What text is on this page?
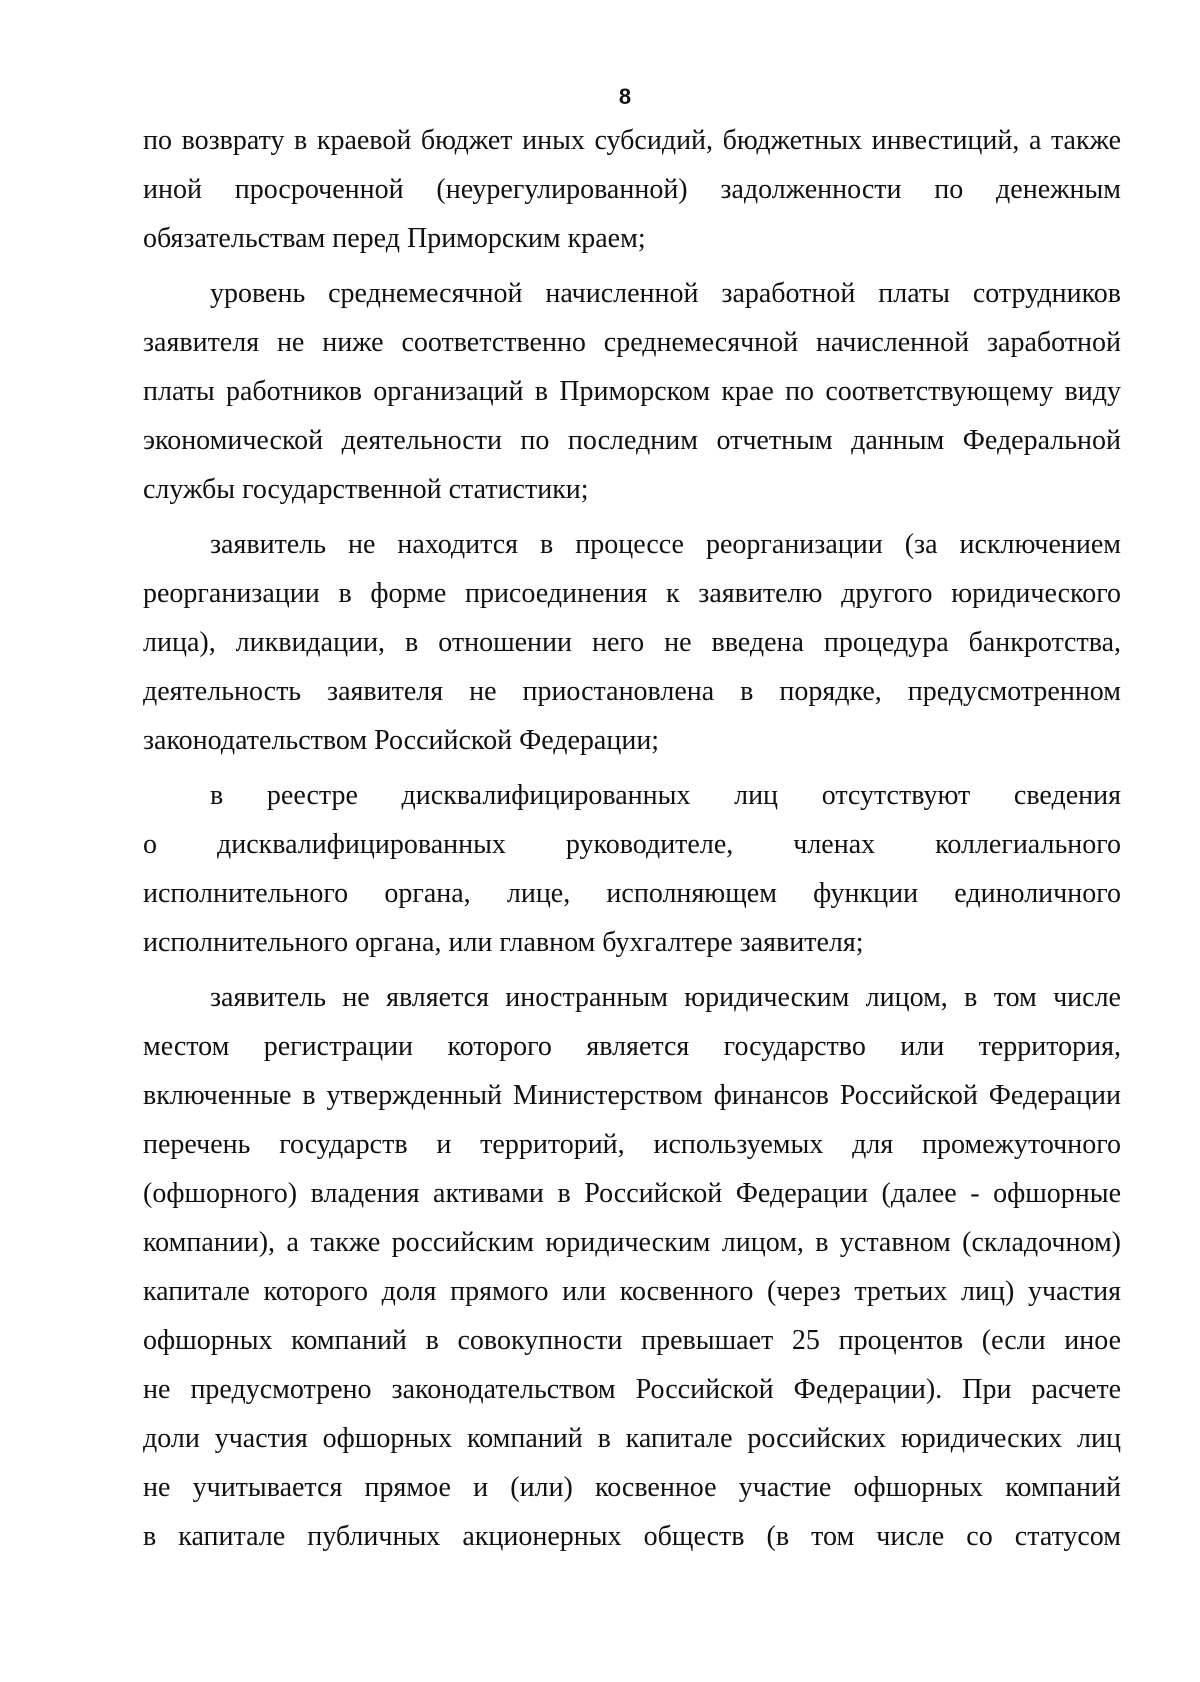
8
по возврату в краевой бюджет иных субсидий, бюджетных инвестиций, а также
иной просроченной (неурегулированной) задолженности по денежным
обязательствам перед Приморским краем;
уровень среднемесячной начисленной заработной платы сотрудников
заявителя не ниже соответственно среднемесячной начисленной заработной
платы работников организаций в Приморском крае по соответствующему виду
экономической деятельности по последним отчетным данным Федеральной
службы государственной статистики;
заявитель не находится в процессе реорганизации (за исключением
реорганизации в форме присоединения к заявителю другого юридического
лица), ликвидации, в отношении него не введена процедура банкротства,
деятельность заявителя не приостановлена в порядке, предусмотренном
законодательством Российской Федерации;
в реестре дисквалифицированных лиц отсутствуют сведения
о дисквалифицированных руководителе, членах коллегиального
исполнительного органа, лице, исполняющем функции единоличного
исполнительного органа, или главном бухгалтере заявителя;
заявитель не является иностранным юридическим лицом, в том числе
местом регистрации которого является государство или территория,
включенные в утвержденный Министерством финансов Российской Федерации
перечень государств и территорий, используемых для промежуточного
(офшорного) владения активами в Российской Федерации (далее - офшорные
компании), а также российским юридическим лицом, в уставном (складочном)
капитале которого доля прямого или косвенного (через третьих лиц) участия
офшорных компаний в совокупности превышает 25 процентов (если иное
не предусмотрено законодательством Российской Федерации). При расчете
доли участия офшорных компаний в капитале российских юридических лиц
не учитывается прямое и (или) косвенное участие офшорных компаний
в капитале публичных акционерных обществ (в том числе со статусом
